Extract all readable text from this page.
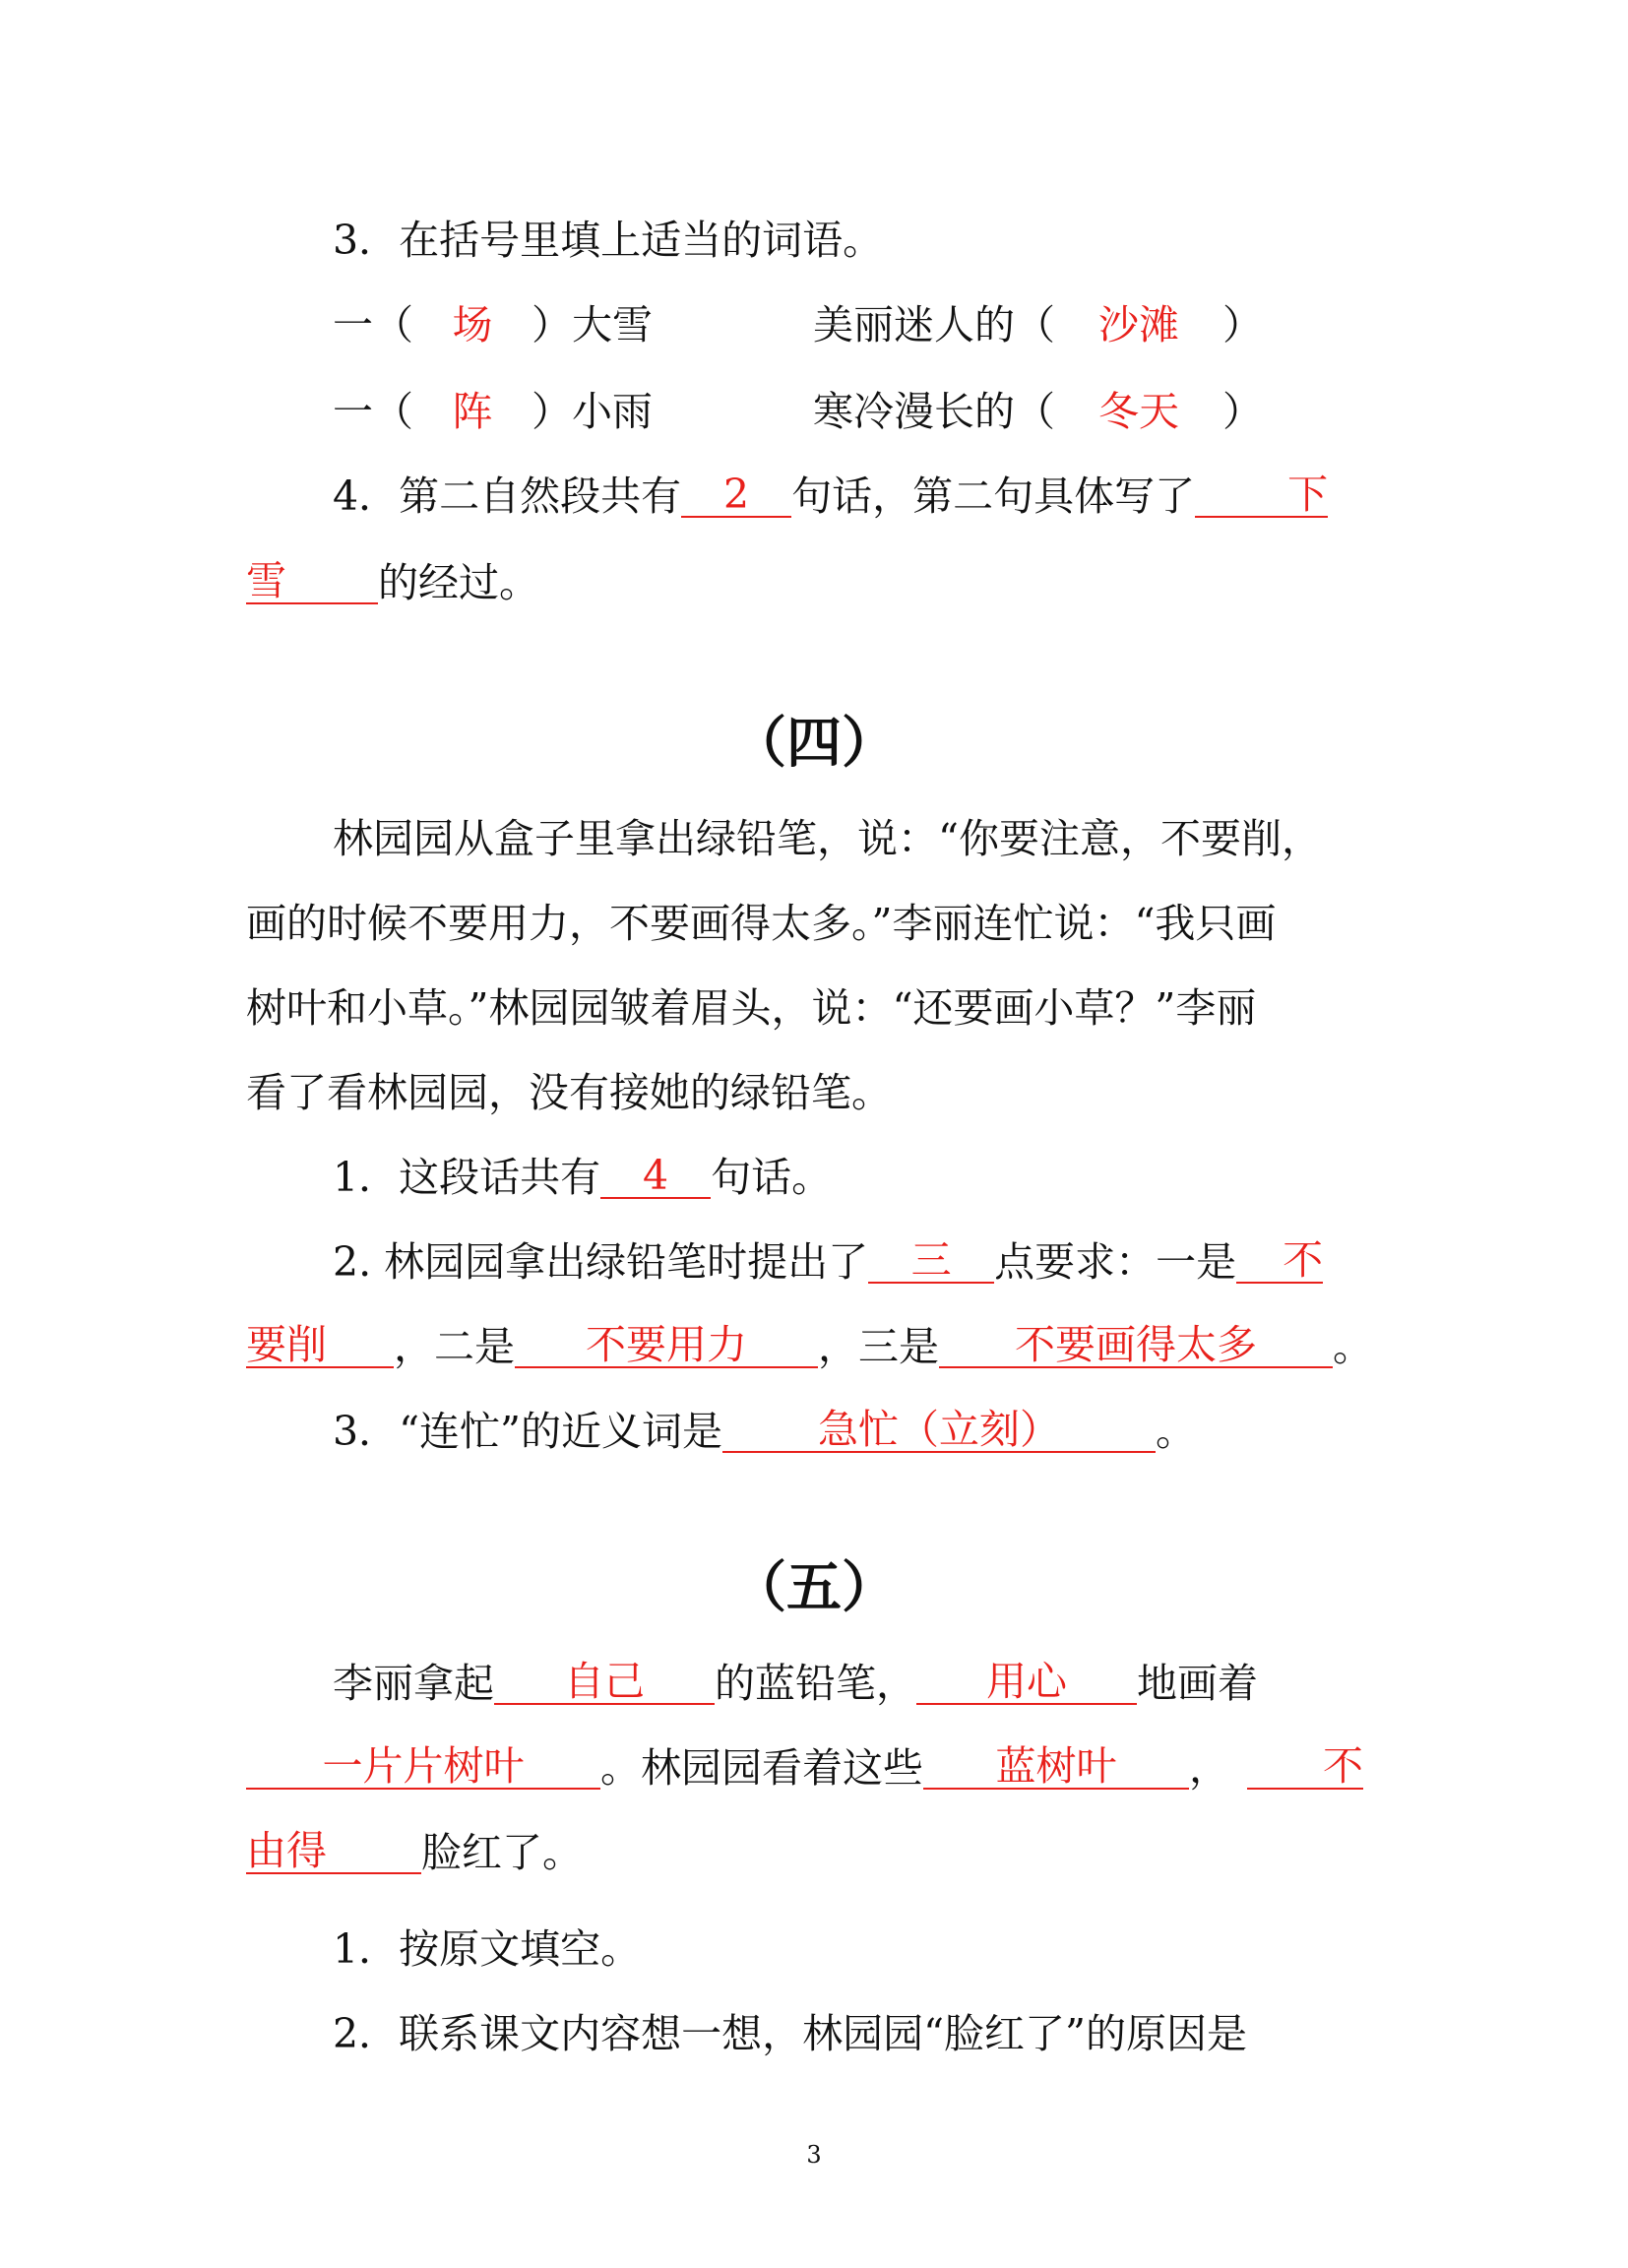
3．在括号里填上适当的词语。
一（ 场 ）大雪	美丽迷人的（ 沙滩 ）
一（ 阵 ）小雨	寒冷漫长的（ 冬天 ）
4．第二自然段共有 2 句话，第二句具体写了 下
雪 的经过。
（四）
林园园从盒子里拿出绿铅笔，说：“你要注意，不要削，
画的时候不要用力，不要画得太多。”李丽连忙说：“我只画
树叶和小草。”林园园皱着眉头，说：“还要画小草？”李丽
看了看林园园，没有接她的绿铅笔。
1．这段话共有 4 句话。
2. 林园园拿出绿铅笔时提出了 三 点要求：一是 不
要削 ，二是 不要用力 ，三是 不要画得太多 。
3．“连忙”的近义词是 急忙（立刻） 。
（五）
李丽拿起 自己 的蓝铅笔， 用心 地画着
一片片树叶 。林园园看着这些 蓝树叶 ， 不
由得 脸红了。
1．按原文填空。
2．联系课文内容想一想，林园园“脸红了”的原因是
3
